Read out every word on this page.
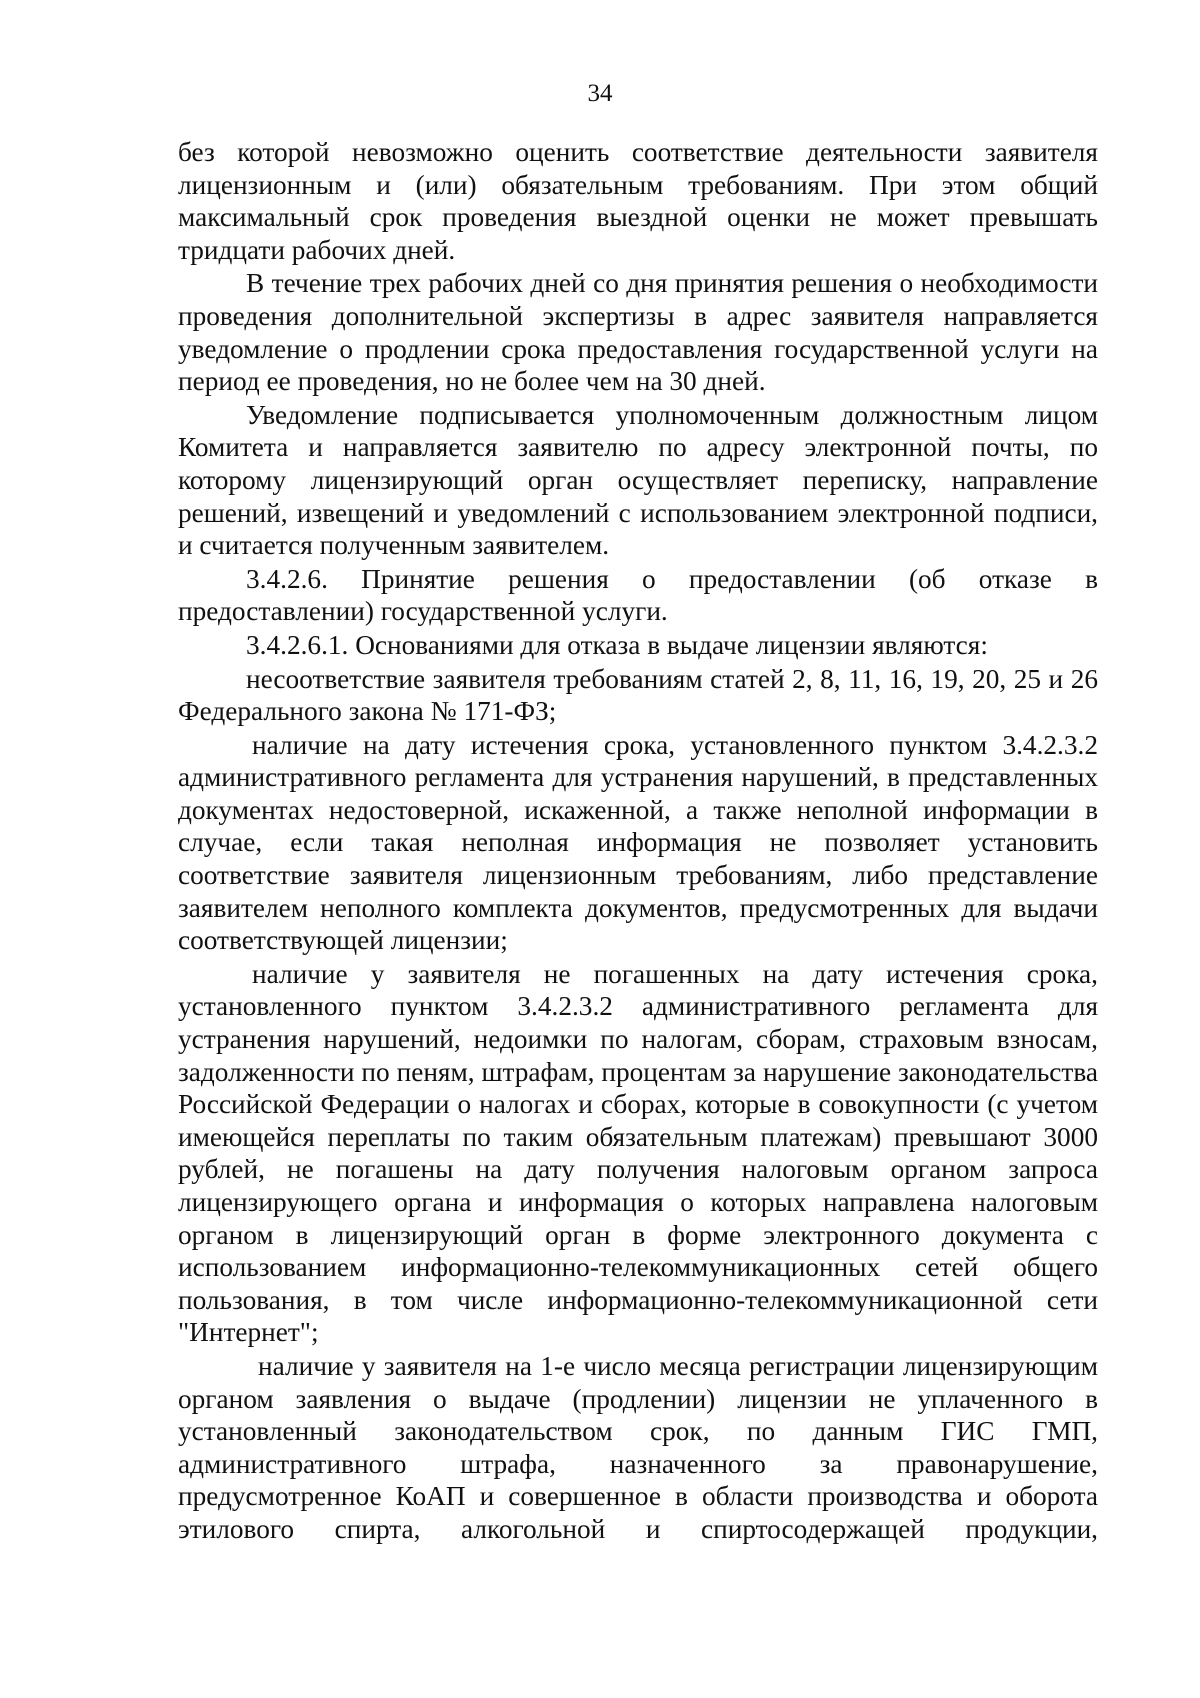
34

без которой невозможно оценить соответствие деятельности заявителя лицензионным и (или) обязательным требованиям. При этом общий максимальный срок проведения выездной оценки не может превышать тридцати рабочих дней.

В течение трех рабочих дней со дня принятия решения о необходимости проведения дополнительной экспертизы в адрес заявителя направляется уведомление о продлении срока предоставления государственной услуги на период ее проведения, но не более чем на 30 дней.

Уведомление подписывается уполномоченным должностным лицом Комитета и направляется заявителю по адресу электронной почты, по которому лицензирующий орган осуществляет переписку, направление решений, извещений и уведомлений с использованием электронной подписи, и считается полученным заявителем.

3.4.2.6. Принятие решения о предоставлении (об отказе в предоставлении) государственной услуги.

3.4.2.6.1. Основаниями для отказа в выдаче лицензии являются:

несоответствие заявителя требованиям статей 2, 8, 11, 16, 19, 20, 25 и 26 Федерального закона № 171-ФЗ;

наличие на дату истечения срока, установленного пунктом 3.4.2.3.2 административного регламента для устранения нарушений, в представленных документах недостоверной, искаженной, а также неполной информации в случае, если такая неполная информация не позволяет установить соответствие заявителя лицензионным требованиям, либо представление заявителем неполного комплекта документов, предусмотренных для выдачи соответствующей лицензии;

наличие у заявителя не погашенных на дату истечения срока, установленного пунктом 3.4.2.3.2 административного регламента для устранения нарушений, недоимки по налогам, сборам, страховым взносам, задолженности по пеням, штрафам, процентам за нарушение законодательства Российской Федерации о налогах и сборах, которые в совокупности (с учетом имеющейся переплаты по таким обязательным платежам) превышают 3000 рублей, не погашены на дату получения налоговым органом запроса лицензирующего органа и информация о которых направлена налоговым органом в лицензирующий орган в форме электронного документа с использованием информационно-телекоммуникационных сетей общего пользования, в том числе информационно-телекоммуникационной сети "Интернет";

наличие у заявителя на 1-е число месяца регистрации лицензирующим органом заявления о выдаче (продлении) лицензии не уплаченного в установленный законодательством срок, по данным ГИС ГМП, административного штрафа, назначенного за правонарушение, предусмотренное КоАП и совершенное в области производства и оборота этилового спирта, алкогольной и спиртосодержащей продукции,
